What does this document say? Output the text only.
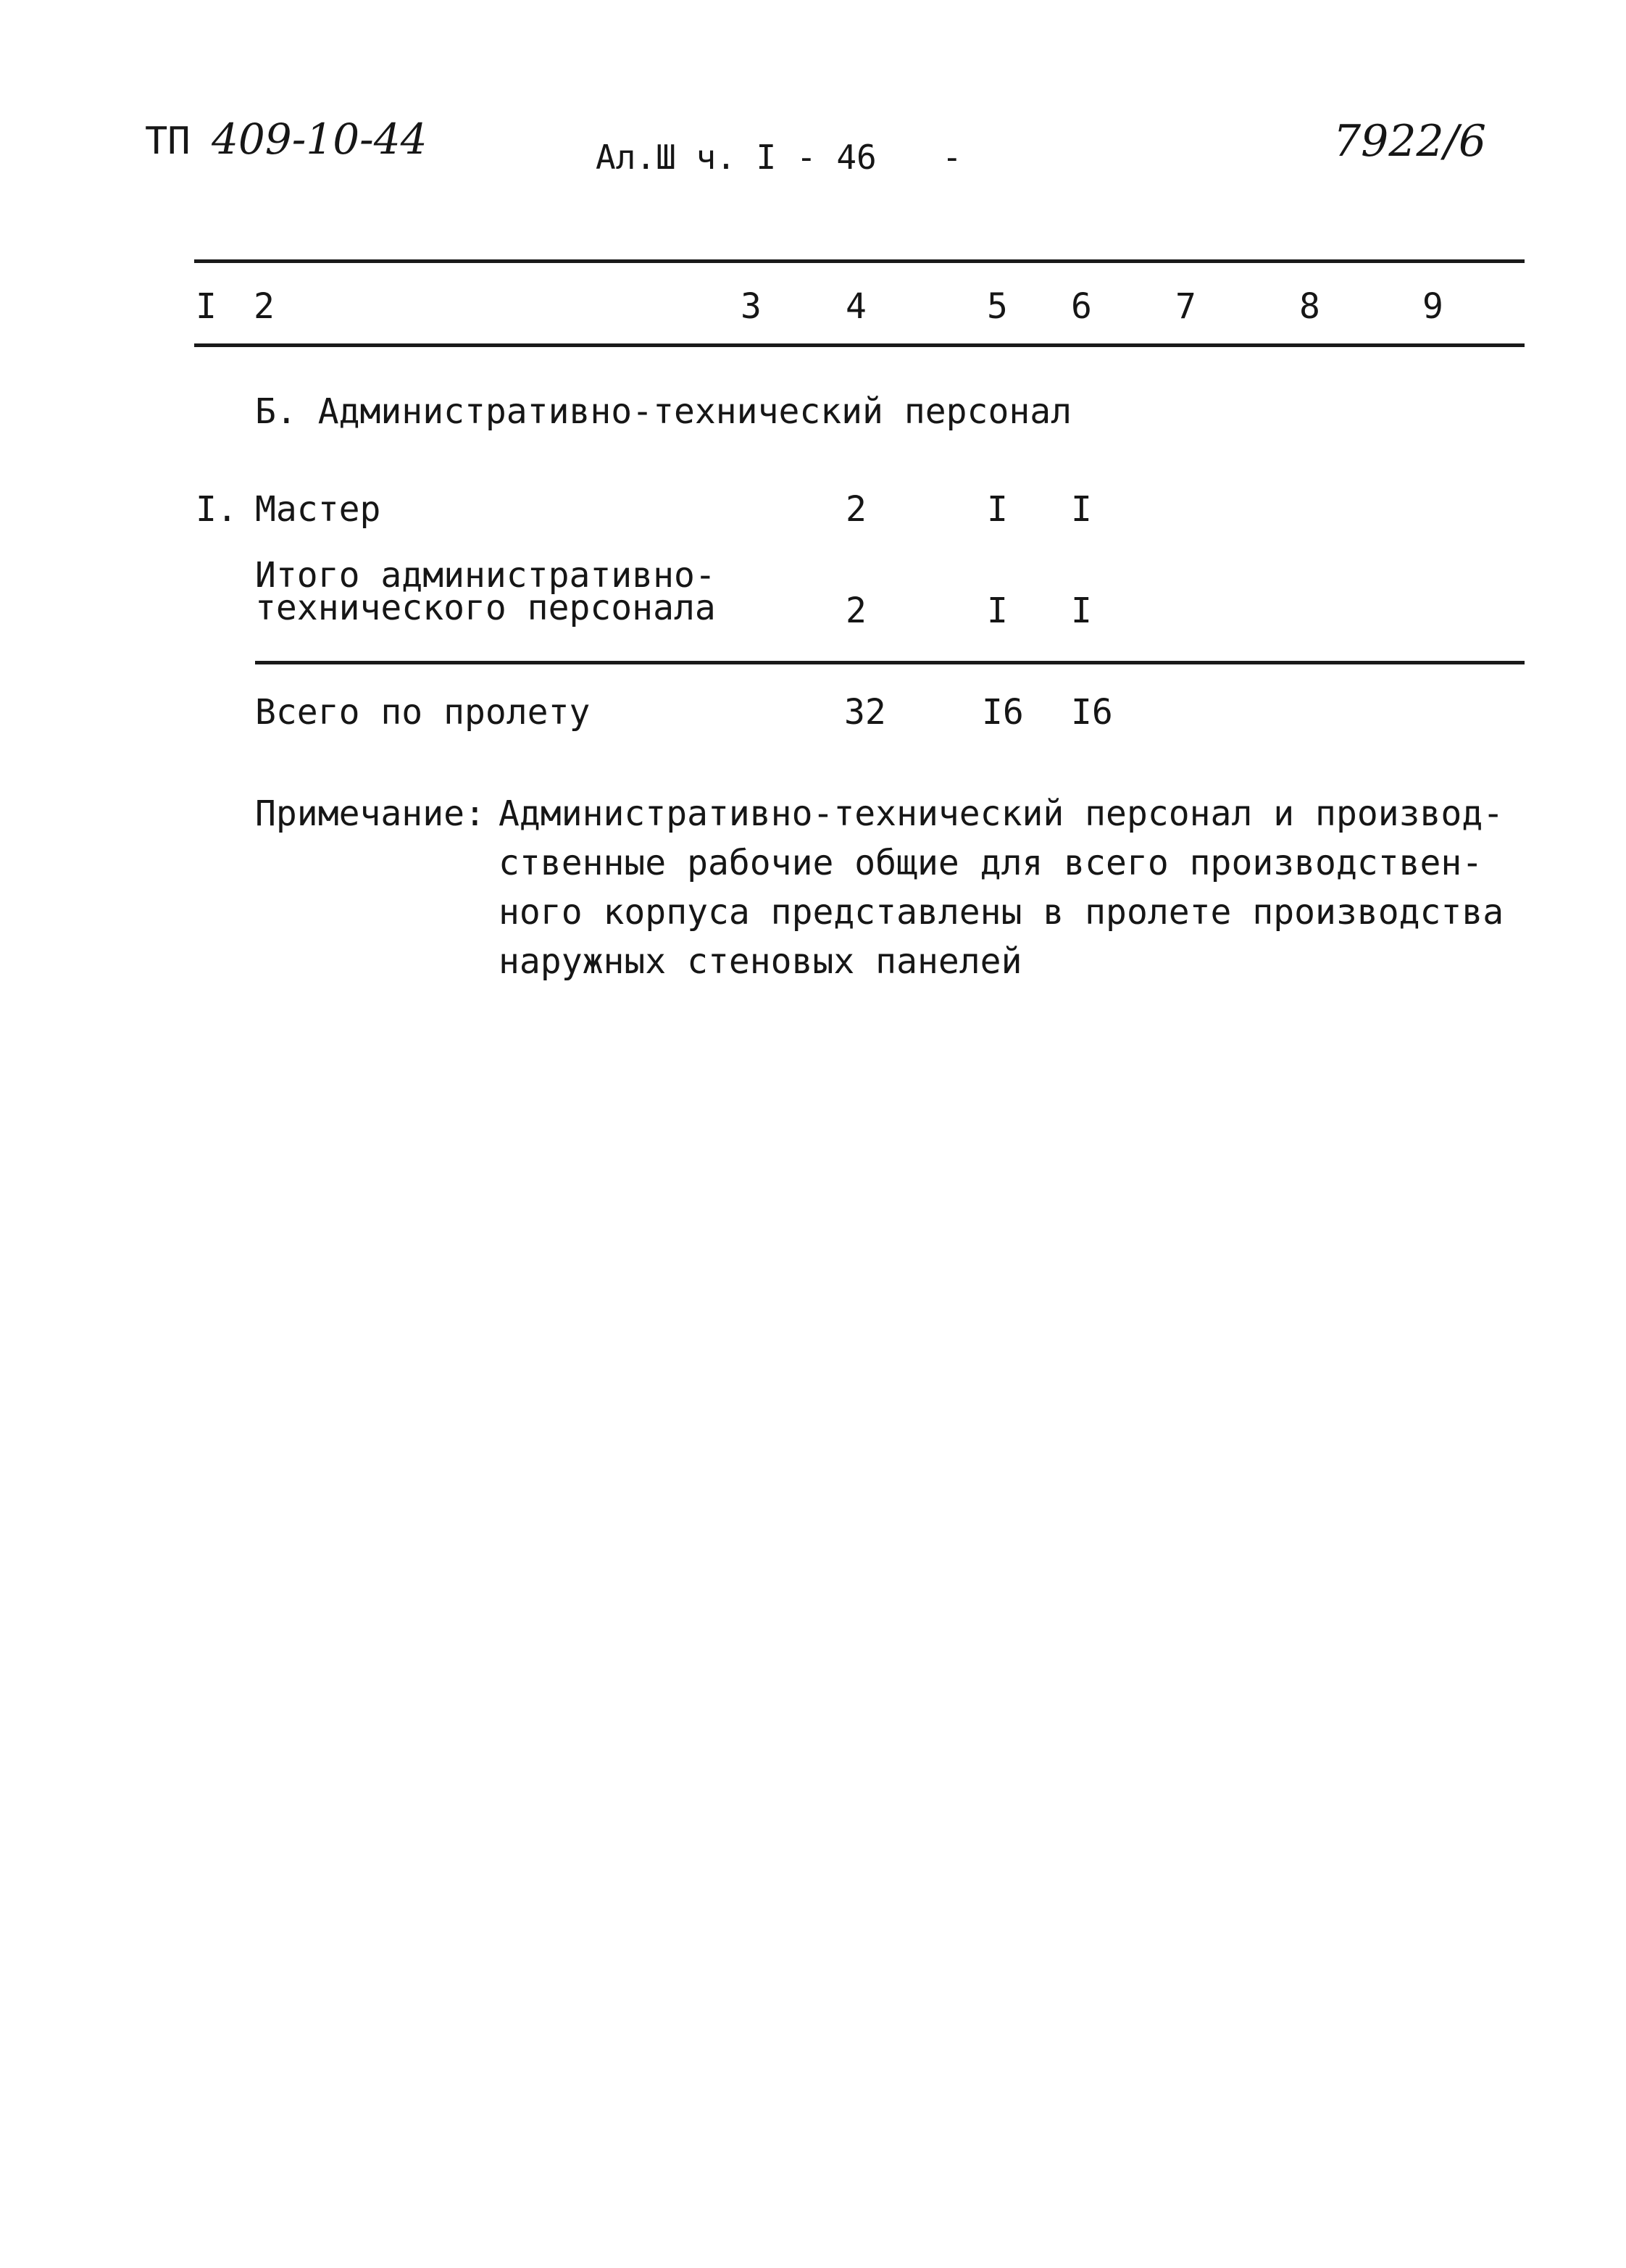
ТП 409-10-44	Ал.Ш ч. I - 46 -	7922/6
I 2	3 4	5 6 7	8	9
Б. Административно-технический персонал
I. Мастер	2	I I
Итого административно-
технического персонала	2	I I
Всего по пролету	32	I6 I6
Примечание: Административно-технический персонал и производ-
ственные рабочие общие для всего производствен-
ного корпуса представлены в пролете производства
наружных стеновых панелей
